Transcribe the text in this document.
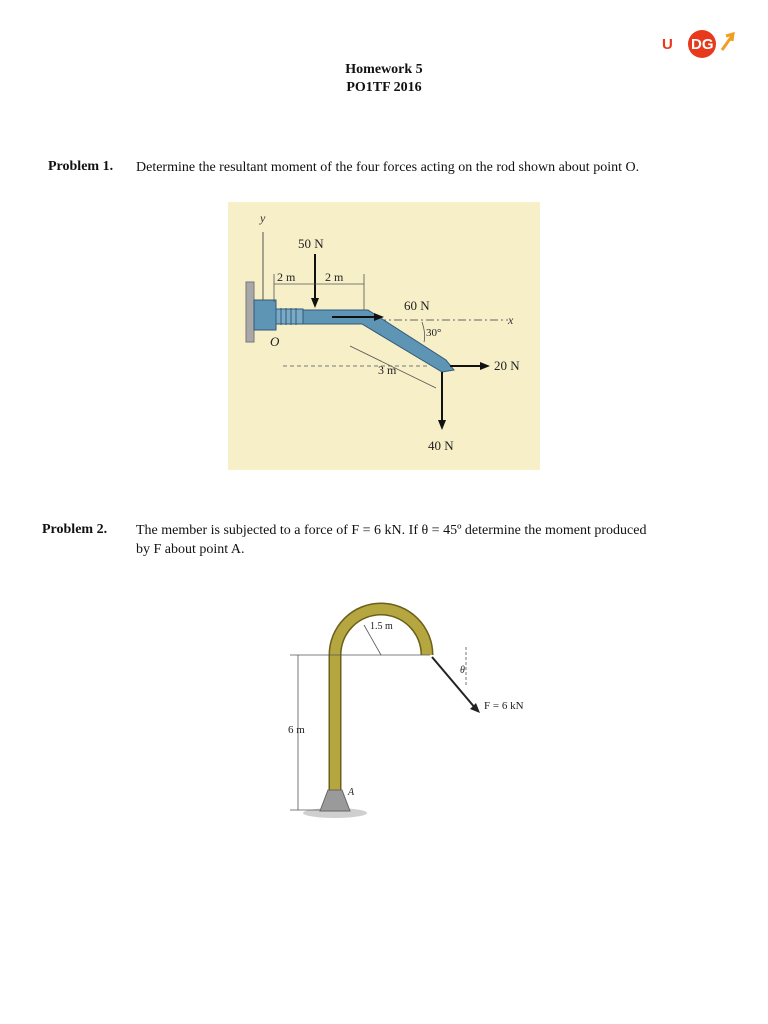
U DG
Homework 5
PO1TF 2016
Problem 1. Determine the resultant moment of the four forces acting on the rod shown about point O.
y
x
O
50 N
2 m 2 m
60 N
30°
3 m	20 N
40 N
Problem 2. The member is subjected to a force of F = 6 kN. If θ = 45º determine the moment produced
by F about point A.
A
6 m
1.5 m
θ
F = 6 kN
